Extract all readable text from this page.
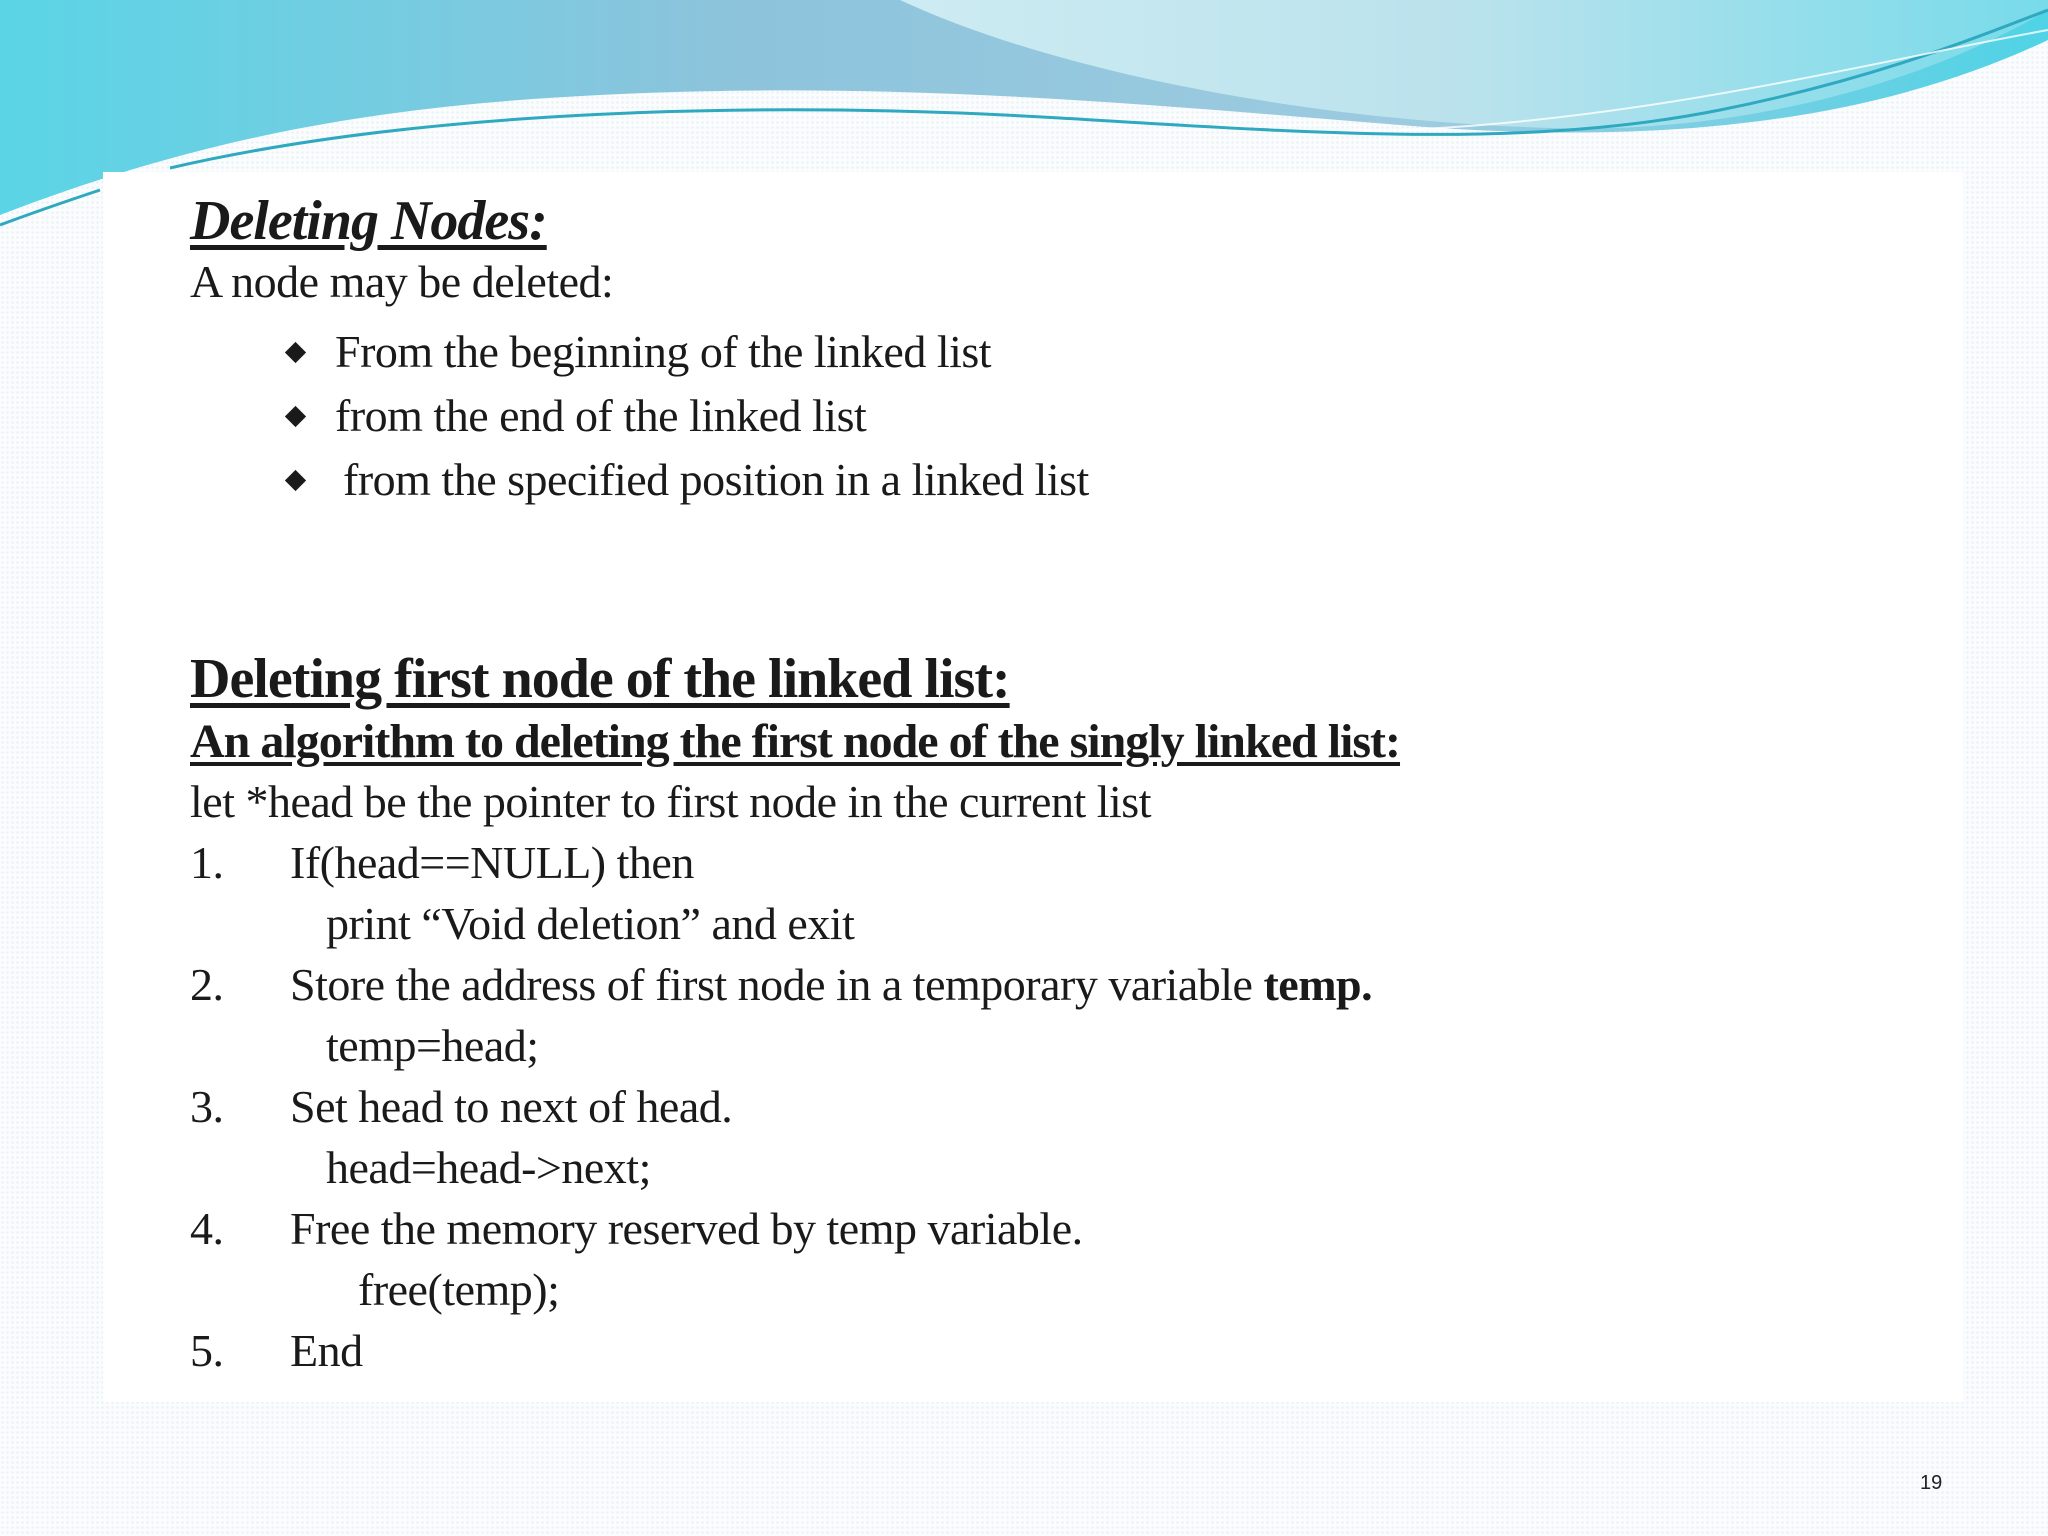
Deleting Nodes:

A node may be deleted:

From the beginning of the linked list
from the end of the linked list
from the specified position in a linked list
Deleting first node of the linked list:
An algorithm to deleting the first node of the singly linked list:

let *head be the pointer to first node in the current list

1.	If(head==NULL) then
print “Void deletion” and exit
2.	Store the address of first node in a temporary variable temp.
temp=head;
3.	Set head to next of head.
head=head->next;
4.	Free the memory reserved by temp variable.
free(temp);
5.	End
19
